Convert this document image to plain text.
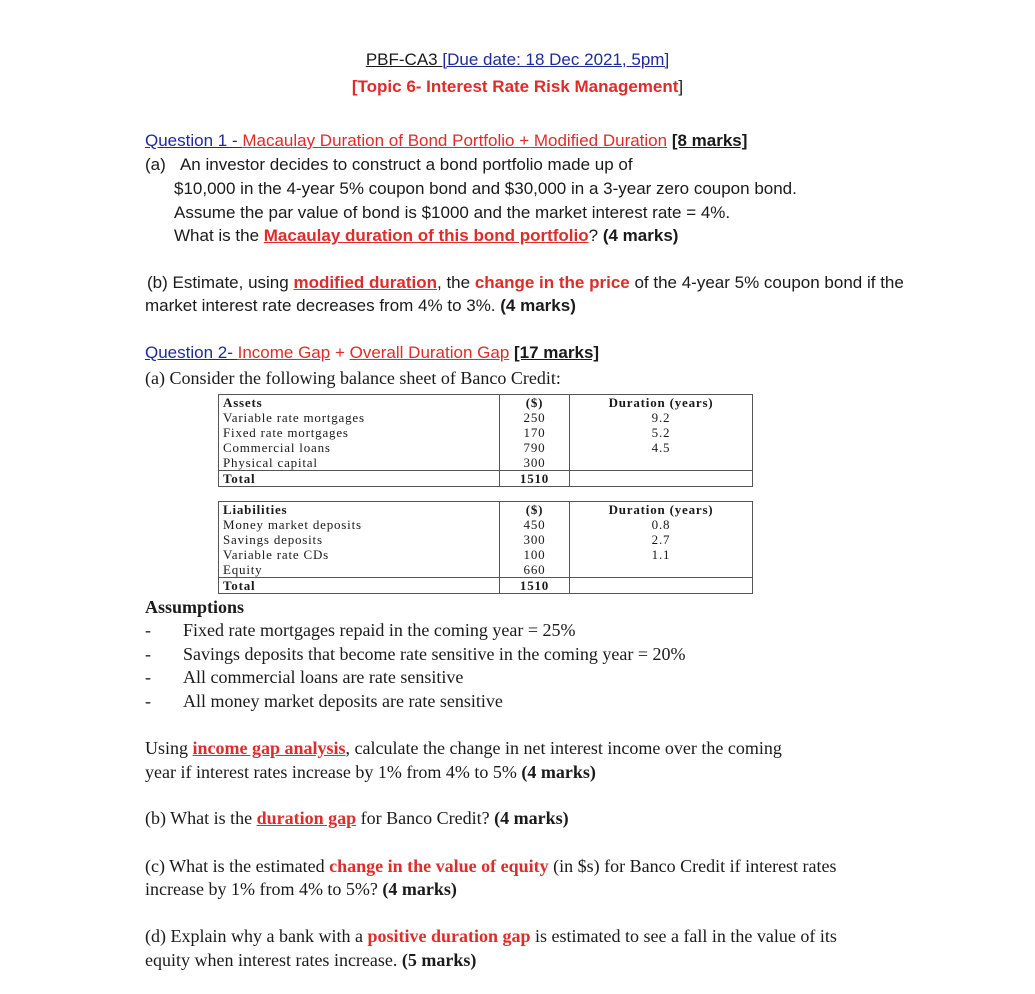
PBF-CA3 [Due date: 18 Dec 2021, 5pm]
[Topic 6- Interest Rate Risk Management]
Question 1 - Macaulay Duration of Bond Portfolio + Modified Duration [8 marks]
(a) An investor decides to construct a bond portfolio made up of
$10,000 in the 4-year 5% coupon bond and $30,000 in a 3-year zero coupon bond.
Assume the par value of bond is $1000 and the market interest rate = 4%.
What is the Macaulay duration of this bond portfolio? (4 marks)
(b) Estimate, using modified duration, the change in the price of the 4-year 5% coupon bond if the
market interest rate decreases from 4% to 3%. (4 marks)
Question 2- Income Gap + Overall Duration Gap [17 marks]
(a) Consider the following balance sheet of Banco Credit:
Assets	($)	Duration (years)
Variable rate mortgages	250	9.2
Fixed rate mortgages	170	5.2
Commercial loans	790	4.5
Physical capital	300	
Total	1510	
Liabilities	($)	Duration (years)
Money market deposits	450	0.8
Savings deposits	300	2.7
Variable rate CDs	100	1.1
Equity	660	
Total	1510	
Assumptions
- Fixed rate mortgages repaid in the coming year = 25%
- Savings deposits that become rate sensitive in the coming year = 20%
- All commercial loans are rate sensitive
- All money market deposits are rate sensitive
Using income gap analysis, calculate the change in net interest income over the coming
year if interest rates increase by 1% from 4% to 5% (4 marks)
(b) What is the duration gap for Banco Credit? (4 marks)
(c) What is the estimated change in the value of equity (in $s) for Banco Credit if interest rates
increase by 1% from 4% to 5%? (4 marks)
(d) Explain why a bank with a positive duration gap is estimated to see a fall in the value of its
equity when interest rates increase. (5 marks)
